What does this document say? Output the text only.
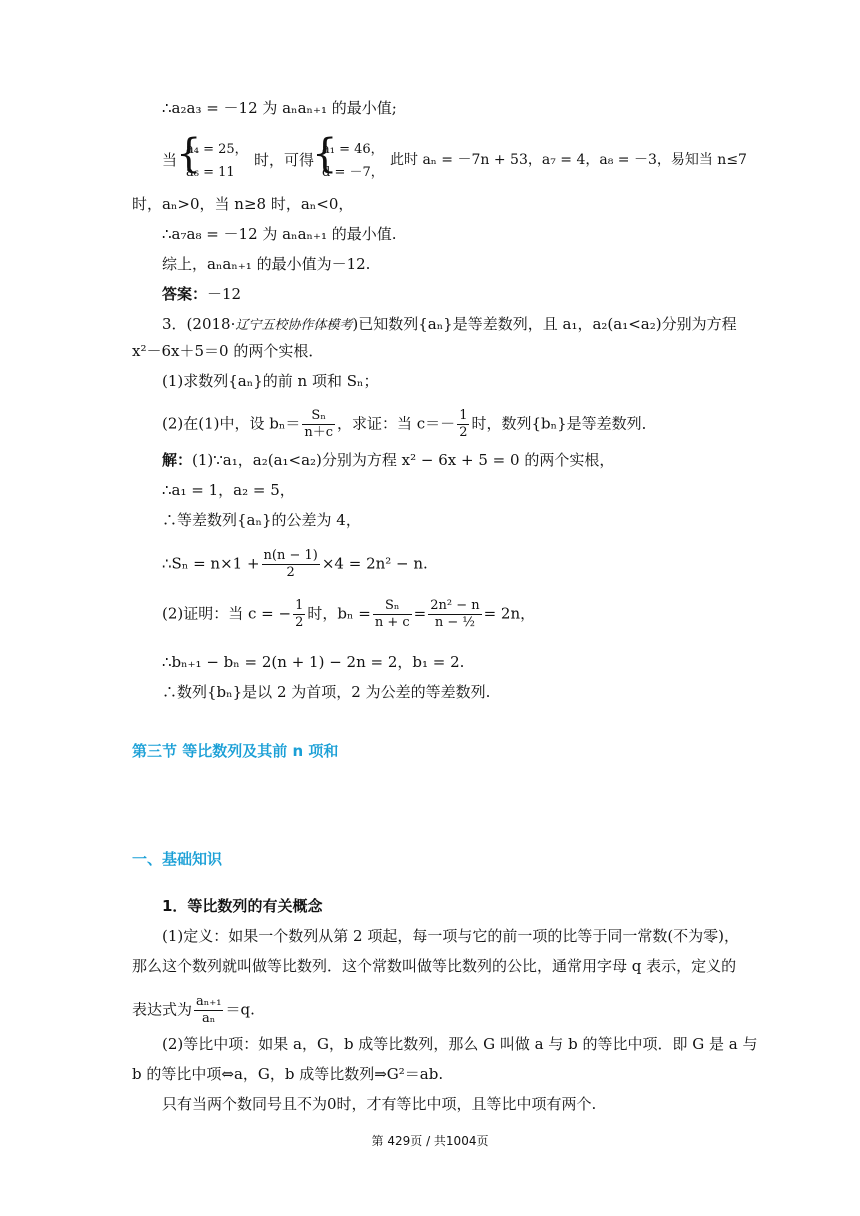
∴a₂a₃ = －12 为 aₙaₙ₊₁ 的最小值;
当
{
a₄ = 25，
a₆ = 11
时，可得
{
a₁ = 46，
d = －7，
此时 aₙ = －7n + 53，a₇ = 4，a₈ = －3，易知当 n≤7
时，aₙ>0，当 n≥8 时，aₙ<0，
∴a₇a₈ = －12 为 aₙaₙ₊₁ 的最小值.
综上，aₙaₙ₊₁ 的最小值为－12.
答案：－12
3．(2018·辽宁五校协作体模考)已知数列{aₙ}是等差数列，且 a₁，a₂(a₁<a₂)分别为方程
x²－6x＋5＝0 的两个实根．
(1)求数列{aₙ}的前 n 项和 Sₙ；
(2)在(1)中，设 $b_n= \frac{\text{Sₙ}}{n+c}$ ，求证：当 $c=- \frac{1}{2}$ 时，数列{bₙ}是等差数列．
解：(1)∵a₁，a₂(a₁<a₂)分别为方程 x² − 6x + 5 = 0 的两个实根，
∴a₁ = 1，a₂ = 5，
∴等差数列{aₙ}的公差为 4，
∴Sₙ = $n\times 1 + \frac{n(n - 1)}{2} \times 4 = 2n^2 - n$.
(2)证明：当 c = − $\frac{1}{2}$ 时，$b_n = \frac{\text{Sₙ}}{n + c} = \frac{\text{2n² − n}}{\text{n − ½}} = 2n$，
∴bₙ₊₁ − bₙ = 2(n + 1) − 2n = 2，b₁ = 2.
∴数列{bₙ}是以 2 为首项，2 为公差的等差数列.
第三节 等比数列及其前 n 项和
一、基础知识
1．等比数列的有关概念
(1)定义：如果一个数列从第 2 项起，每一项与它的前一项的比等于同一常数(不为零)，
那么这个数列就叫做等比数列．这个常数叫做等比数列的公比，通常用字母 q 表示，定义的
表达式为 $\frac{\text{aₙ₊₁}}{\text{aₙ}} =q$.
(2)等比中项：如果 a，G，b 成等比数列，那么 G 叫做 a 与 b 的等比中项．即 G 是 a 与
b 的等比中项⇔a，G，b 成等比数列⇒G²＝ab.
只有当两个数同号且不为0时，才有等比中项，且等比中项有两个.
第 429页 / 共1004页
